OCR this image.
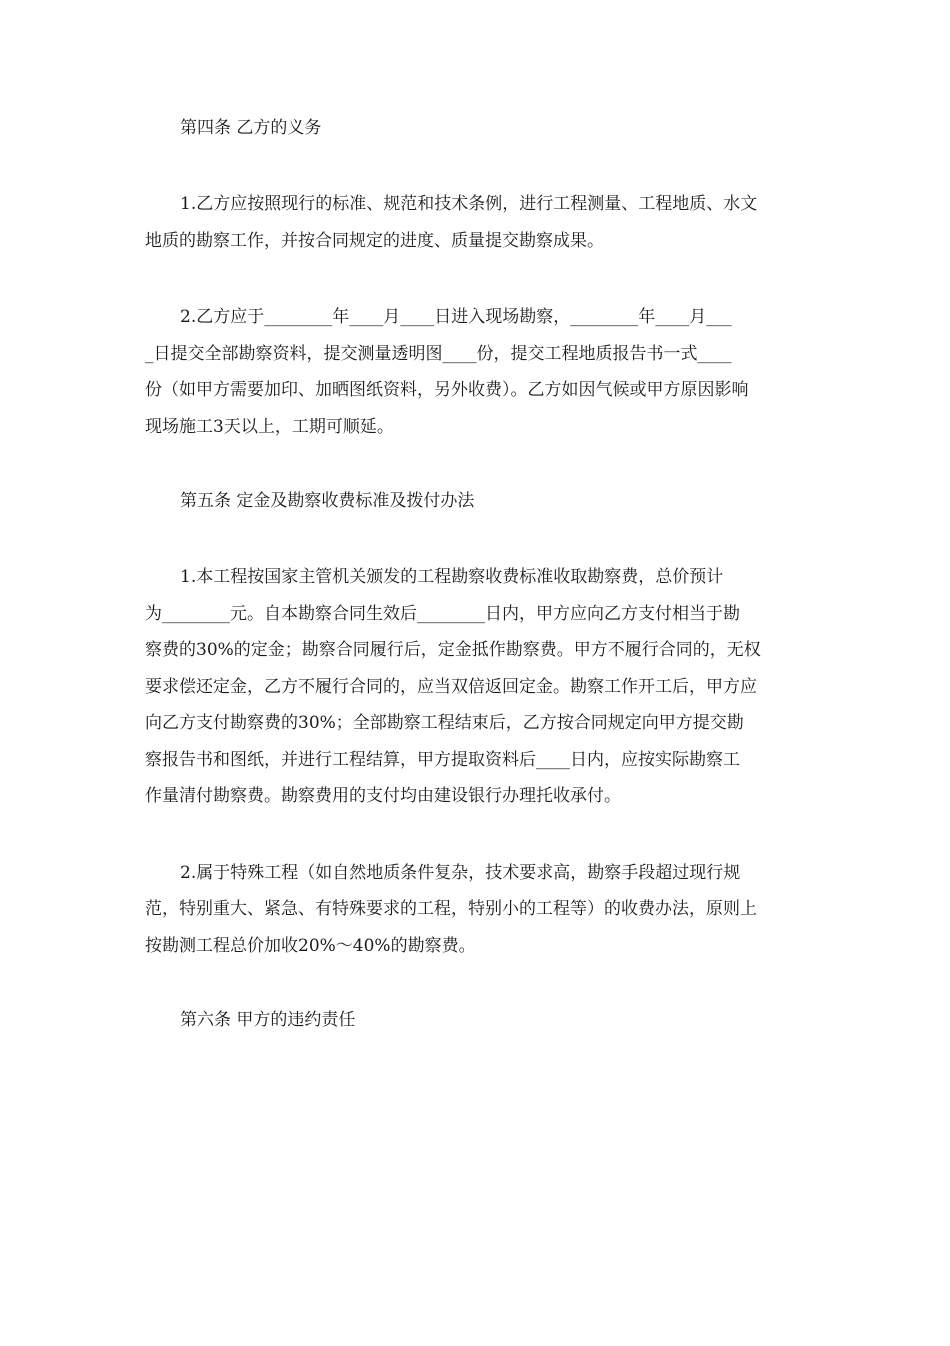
第四条 乙方的义务
1.乙方应按照现行的标准、规范和技术条例，进行工程测量、工程地质、水文
地质的勘察工作，并按合同规定的进度、质量提交勘察成果。
2.乙方应于________年____月____日进入现场勘察，________年____月___
_日提交全部勘察资料，提交测量透明图____份，提交工程地质报告书一式____
份（如甲方需要加印、加晒图纸资料，另外收费）。乙方如因气候或甲方原因影响
现场施工3天以上，工期可顺延。
第五条 定金及勘察收费标准及拨付办法
1.本工程按国家主管机关颁发的工程勘察收费标准收取勘察费，总价预计
为________元。自本勘察合同生效后________日内，甲方应向乙方支付相当于勘
察费的30%的定金；勘察合同履行后，定金抵作勘察费。甲方不履行合同的，无权
要求偿还定金，乙方不履行合同的，应当双倍返回定金。勘察工作开工后，甲方应
向乙方支付勘察费的30%；全部勘察工程结束后，乙方按合同规定向甲方提交勘
察报告书和图纸，并进行工程结算，甲方提取资料后____日内，应按实际勘察工
作量清付勘察费。勘察费用的支付均由建设银行办理托收承付。
2.属于特殊工程（如自然地质条件复杂，技术要求高，勘察手段超过现行规
范，特别重大、紧急、有特殊要求的工程，特别小的工程等）的收费办法，原则上
按勘测工程总价加收20%～40%的勘察费。
第六条 甲方的违约责任
